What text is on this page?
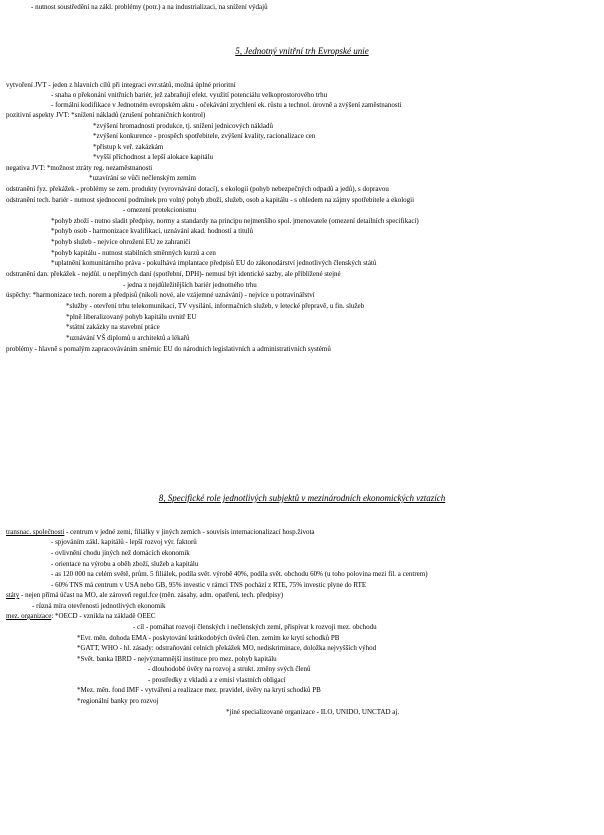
- nutnost soustředění na zákl. problémy (potr.) a na industrializaci, na snížení výdajů
5, Jednotný vnitřní trh Evropské unie
vytvoření JVT - jeden z hlavních cílů při integraci evr.států, možná úplné prioritní
- snaha o překonání vnitřních bariér, jež zabraňují efekt. využití potenciálu velkoprostorového trhu
- formální kodifikace v Jednotném evropském aktu - očekávání zrychlení ek. růstu a technol. úrovně a zvýšení zaměstnanosti
pozitivní aspekty JVT: *snížení nákladů (zrušení pohraničních kontrol)
*zvýšení hromadnosti produkce, tj. snížení jednicových nákladů
*zvýšení konkurence - prospěch spotřebitele, zvýšení kvality, racionalizace cen
*přístup k veř. zakázkám
*vyšší příchodnost a lepší alokace kapitálu
negativa JVT: *možnost ztráty reg. nezaměstnanosti
*uzavírání se vůči nečlenským zemím
odstranění fyz. překážek - problémy se zem. produkty (vyrovnávání dotací), s ekologií (pohyb nebezpečných odpadů a jedů), s dopravou
odstranění tech. bariér - nutnost sjednocení podmínek pro volný pohyb zboží, služeb, osob a kapitálu - s ohledem na zájmy spotřebitele a ekologii
- omezení protekcionismu
*pohyb zboží - nutno sladit předpisy, normy a standardy na principu nejmenšího spol. jmenovatele (omezení detailních specifikací)
*pohyb osob - harmonizace kvalifikací, uznávání akad. hodností a titulů
*pohyb služeb - nejvíce ohrožení EU ze zahraničí
*pohyb kapitálu - nutnost stabilních směnných kurzů a cen
*uplatnění komunitárního práva - pokulhává implantace předpisů EU do zákonodárství jednotlivých členských států
odstranění dan. překážek - nejdůl. u nepřímých daní (spotřební, DPH)- nemusí být identické sazby, ale přiblížené stejné
- jedna z nejdůležitějších bariér jednotného trhu
úspěchy: *harmonizace tech. norem a předpisů (nikoli nové, ale vzájemné uznávání) - nejvíce u potravinářství
*služby - otevření trhu telekomunikací, TV vysílání, informačních služeb, v letecké přepravě, u fin. služeb
*plně liberalizovaný pohyb kapitálu uvnitř EU
*státní zakázky na stavební práce
*uznávání VŠ diplomů u architektů a lékařů
problémy - hlavně s pomalým zapracováváním směrnic EU do národních legislativních a administrativních systémů
8, Specifické role jednotlivých subjektů v mezinárodních ekonomických vztazích
transnac. společnosti - centrum v jedné zemi, filiálky v jiných zemích - souvisís internacionalizací hosp.života
- spjováním zákl. kapitálů - lepší rozvoj výr. faktorů
- ovlivnění chodu jiných než domácích ekonomik
- orientace na výrobu a oběh zboží, služeb a kapitálu
- as 120 000 na celém světě, prům. 5 filiálek, podíla svět. výrobě 40%, podíla svět. obchodu 60% (u toho polovina mezi fil. a centrem)
- 60% TNS má centrum v USA nebo GB, 95% investic v rámci TNS pochází z RTE, 75% investic plyne do RTE
státy - nejen přímá účast na MO, ale zároveň regul.fce (měn. zásahy, adm. opatření, tech. předpisy)
- různá míra otevřenosti jednotlivých ekonomik
mez. organizace: *OECD - vznikla na základě OEEC
- cíl - pomáhat rozvoji členských i nečlenských zemí, přispívat k rozvoji mez. obchodu
*Evr. měn. dohoda EMA - poskytování krátkodobých úvěrů člen. zemím ke krytí schodků PB
*GATT, WHO - hl. zásady: odstraňování celních překážek MO, nediskriminace, doložka nejvyšších výhod
*Svět. banka IBRD - nejvýznamnější instituce pro mez. pohyb kapitálu
- dlouhodobé úvěry na rozvoj a strukt. změny svých členů
- prostředky z vkladů a z emisí vlastních obligací
*Mez. měn. fond IMF - vytváření a realizace mez. pravidel, úvěry na krytí schodků PB
*regionální banky pro rozvoj
*jiné specializované organizace - ILO, UNIDO, UNCTAD aj.
